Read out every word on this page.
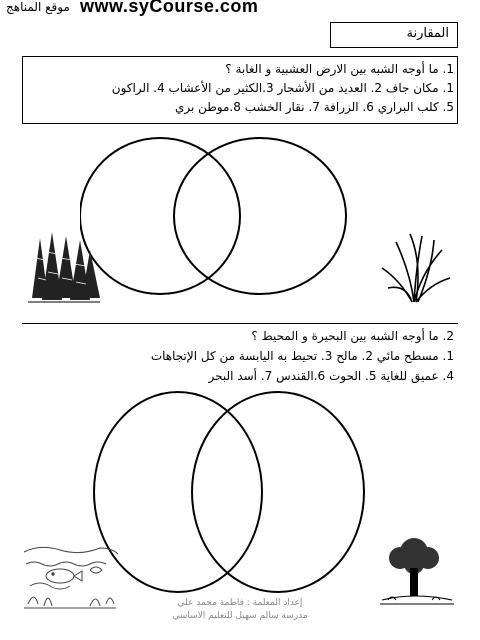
موقع المناهج www.syCourse.com
المقارنة
1. ما أوجه الشبه بين الارض العشبية و الغابة ؟
1. مكان جاف 2. العديد من الأشجار 3.الكثير من الأعشاب 4. الراكون
5. كلب البراري 6. الزرافة 7. نقار الخشب 8.موطن بري
2. ما أوجه الشبه بين البحيرة و المحيط ؟
1. مسطح مائي 2. مالح 3. تحيط به اليابسة من كل الإتجاهات
4. عميق للغاية 5. الحوت 6.القندس 7. أسد البحر
إعداد المعلمة : فاطمة محمد علي
مدرسة سالم سهيل للتعليم الاساسي
